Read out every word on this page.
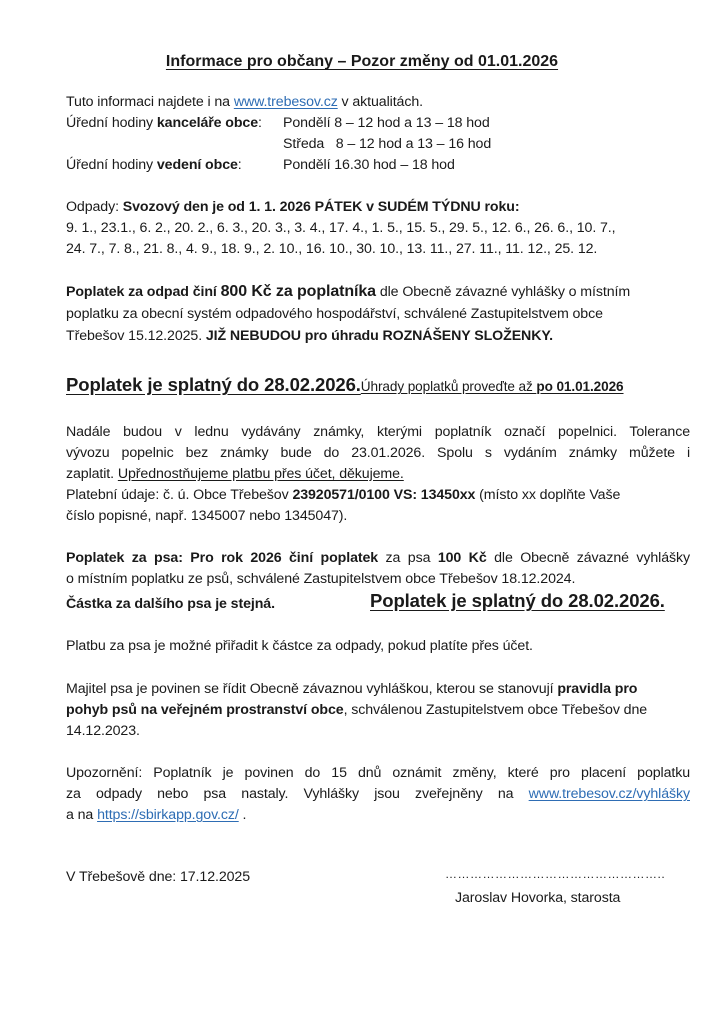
Informace pro občany – Pozor změny od 01.01.2026
Tuto informaci najdete i na www.trebesov.cz v aktualitách.
Úřední hodiny kanceláře obce: Pondělí 8 – 12 hod a 13 – 18 hod
Středa   8 – 12 hod a 13 – 16 hod
Úřední hodiny vedení obce:	Pondělí 16.30 hod – 18 hod
Odpady: Svozový den je od 1. 1. 2026 PÁTEK v SUDÉM TÝDNU roku:
9. 1., 23.1., 6. 2., 20. 2., 6. 3., 20. 3., 3. 4., 17. 4., 1. 5., 15. 5., 29. 5., 12. 6., 26. 6., 10. 7.,
24. 7., 7. 8., 21. 8., 4. 9., 18. 9., 2. 10., 16. 10., 30. 10., 13. 11., 27. 11., 11. 12., 25. 12.
Poplatek za odpad činí 800 Kč za poplatníka dle Obecně závazné vyhlášky o místním
poplatku za obecní systém odpadového hospodářství, schválené Zastupitelstvem obce
Třebešov 15.12.2025. JIŽ NEBUDOU pro úhradu ROZNÁŠENY SLOŽENKY.
Poplatek je splatný do 28.02.2026.Úhrady poplatků proveďte až po 01.01.2026
Nadále budou v lednu vydávány známky, kterými poplatník označí popelnici. Tolerance
vývozu popelnic bez známky bude do 23.01.2026. Spolu s vydáním známky můžete i
zaplatit. Upřednostňujeme platbu přes účet, děkujeme.
Platební údaje: č. ú. Obce Třebešov 23920571/0100 VS: 13450xx (místo xx doplňte Vaše
číslo popisné, např. 1345007 nebo 1345047).
Poplatek za psa: Pro rok 2026 činí poplatek za psa 100 Kč dle Obecně závazné vyhlášky
o místním poplatku ze psů, schválené Zastupitelstvem obce Třebešov 18.12.2024.
Částka za dalšího psa je stejná.	Poplatek je splatný do 28.02.2026.
Platbu za psa je možné přiřadit k částce za odpady, pokud platíte přes účet.
Majitel psa je povinen se řídit Obecně závaznou vyhláškou, kterou se stanovují pravidla pro
pohyb psů na veřejném prostranství obce, schválenou Zastupitelstvem obce Třebešov dne
14.12.2023.
Upozornění: Poplatník je povinen do 15 dnů oznámit změny, které pro placení poplatku
za odpady nebo psa nastaly. Vyhlášky jsou zveřejněny na www.trebesov.cz/vyhlášky
a na https://sbirkapp.gov.cz/ .
V Třebešově dne: 17.12.2025	……………………………………………..
Jaroslav Hovorka, starosta
